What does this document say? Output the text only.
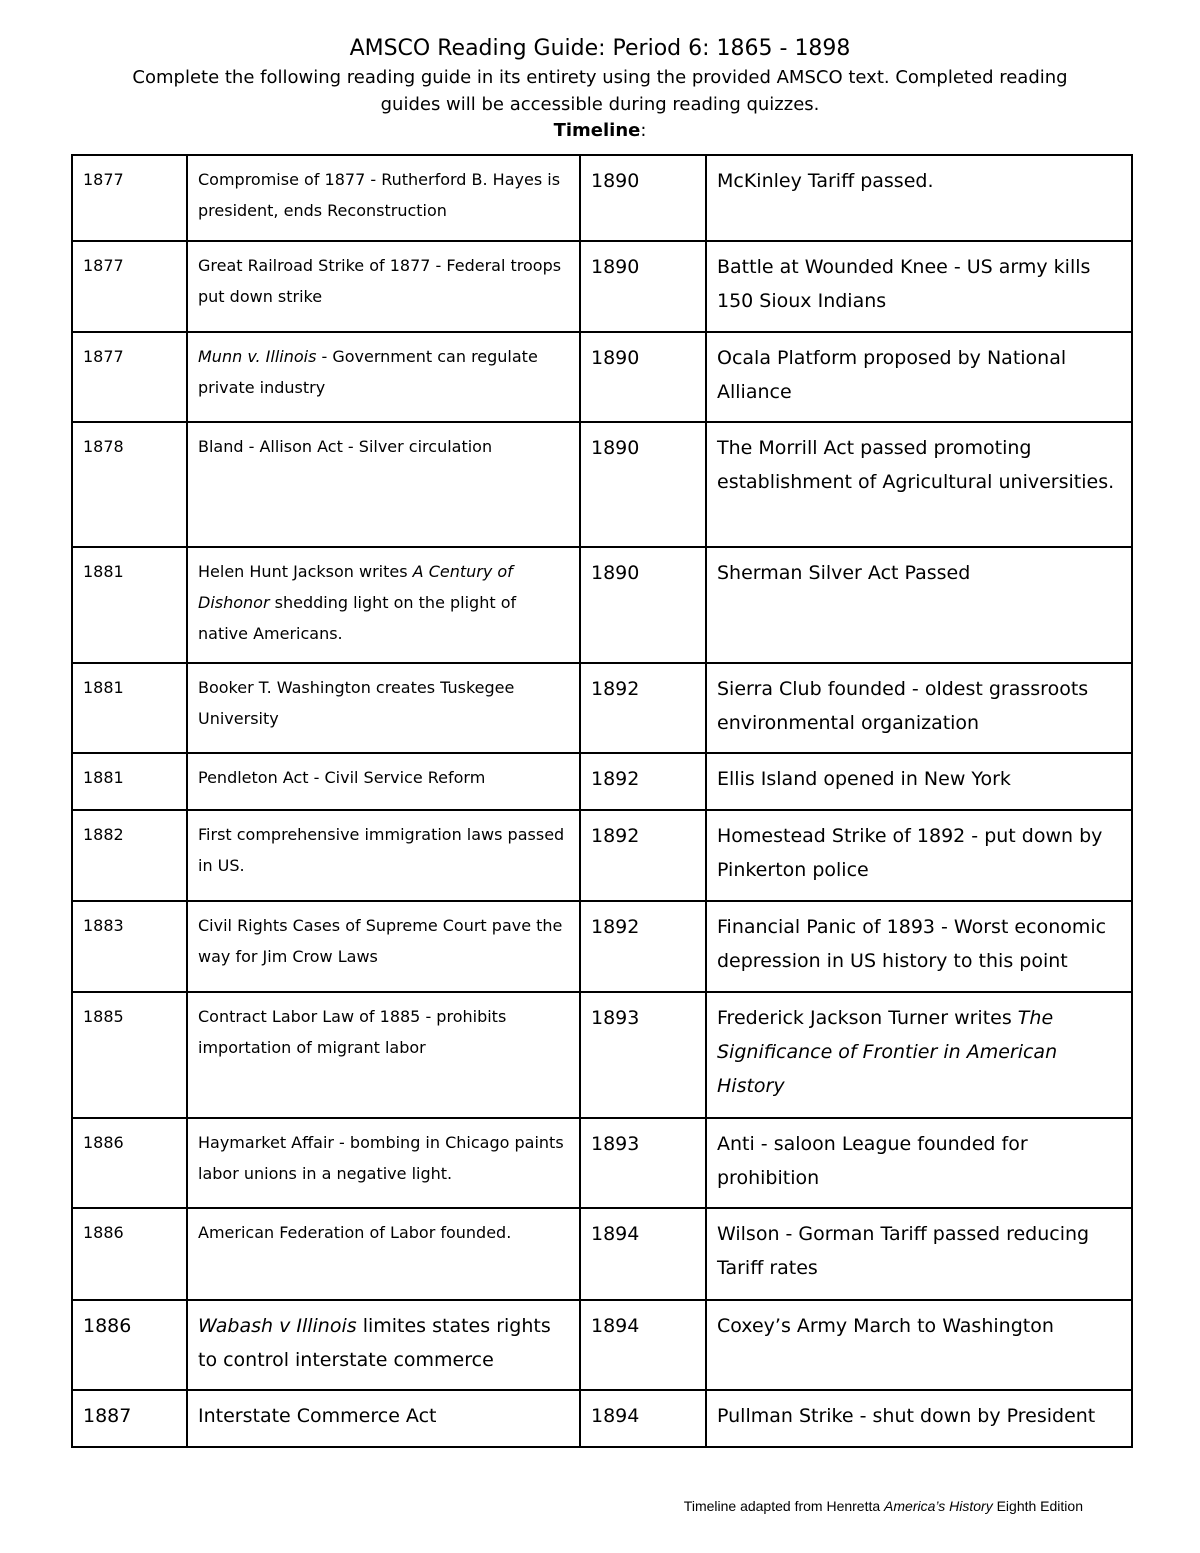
AMSCO Reading Guide: Period 6: 1865 - 1898

Complete the following reading guide in its entirety using the provided AMSCO text. Completed reading

guides will be accessible during reading quizzes.

Timeline:

1877	Compromise of 1877 - Rutherford B. Hayes is president, ends Reconstruction	1890	McKinley Tariff passed.
1877	Great Railroad Strike of 1877 - Federal troops put down strike	1890	Battle at Wounded Knee - US army kills 150 Sioux Indians
1877	Munn v. Illinois - Government can regulate private industry	1890	Ocala Platform proposed by National Alliance
1878	Bland - Allison Act - Silver circulation	1890	The Morrill Act passed promoting establishment of Agricultural universities.
1881	Helen Hunt Jackson writes A Century of Dishonor shedding light on the plight of native Americans.	1890	Sherman Silver Act Passed
1881	Booker T. Washington creates Tuskegee University	1892	Sierra Club founded - oldest grassroots environmental organization
1881	Pendleton Act - Civil Service Reform	1892	Ellis Island opened in New York
1882	First comprehensive immigration laws passed in US.	1892	Homestead Strike of 1892 - put down by Pinkerton police
1883	Civil Rights Cases of Supreme Court pave the way for Jim Crow Laws	1892	Financial Panic of 1893 - Worst economic depression in US history to this point
1885	Contract Labor Law of 1885 - prohibits importation of migrant labor	1893	Frederick Jackson Turner writes The Significance of Frontier in American History
1886	Haymarket Affair - bombing in Chicago paints labor unions in a negative light.	1893	Anti - saloon League founded for prohibition
1886	American Federation of Labor founded.	1894	Wilson - Gorman Tariff passed reducing Tariff rates
1886	Wabash v Illinois limites states rights to control interstate commerce	1894	Coxey’s Army March to Washington
1887	Interstate Commerce Act	1894	Pullman Strike - shut down by President
Timeline adapted from Henretta America’s History Eighth Edition
